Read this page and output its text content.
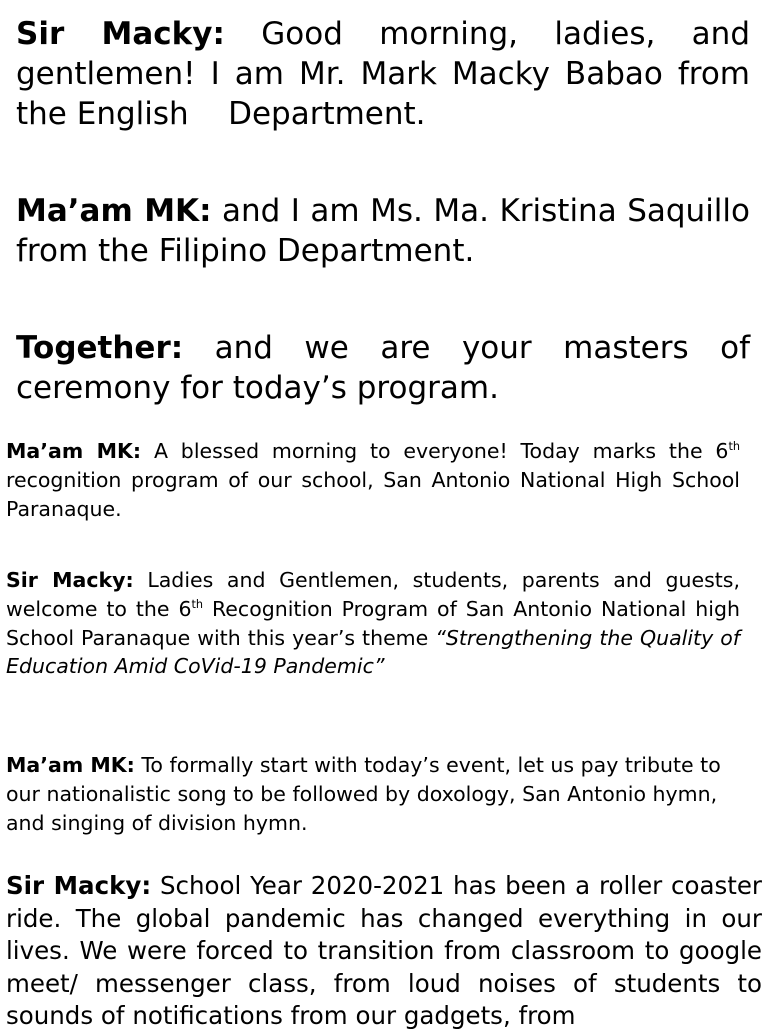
Sir Macky: Good morning, ladies, and gentlemen! I am Mr. Mark Macky Babao from the English Department.

Ma’am MK: and I am Ms. Ma. Kristina Saquillo from the Filipino Department.

Together: and we are your masters of ceremony for today’s program.

Ma’am MK: A blessed morning to everyone! Today marks the 6th recognition program of our school, San Antonio National High School Paranaque.

Sir Macky: Ladies and Gentlemen, students, parents and guests, welcome to the 6th Recognition Program of San Antonio National high School Paranaque with this year’s theme “Strengthening the Quality of Education Amid CoVid-19 Pandemic”

Ma’am MK: To formally start with today’s event, let us pay tribute to our nationalistic song to be followed by doxology, San Antonio hymn, and singing of division hymn.

Sir Macky: School Year 2020-2021 has been a roller coaster ride. The global pandemic has changed everything in our lives. We were forced to transition from classroom to google meet/ messenger class, from loud noises of students to sounds of notifications from our gadgets, from
